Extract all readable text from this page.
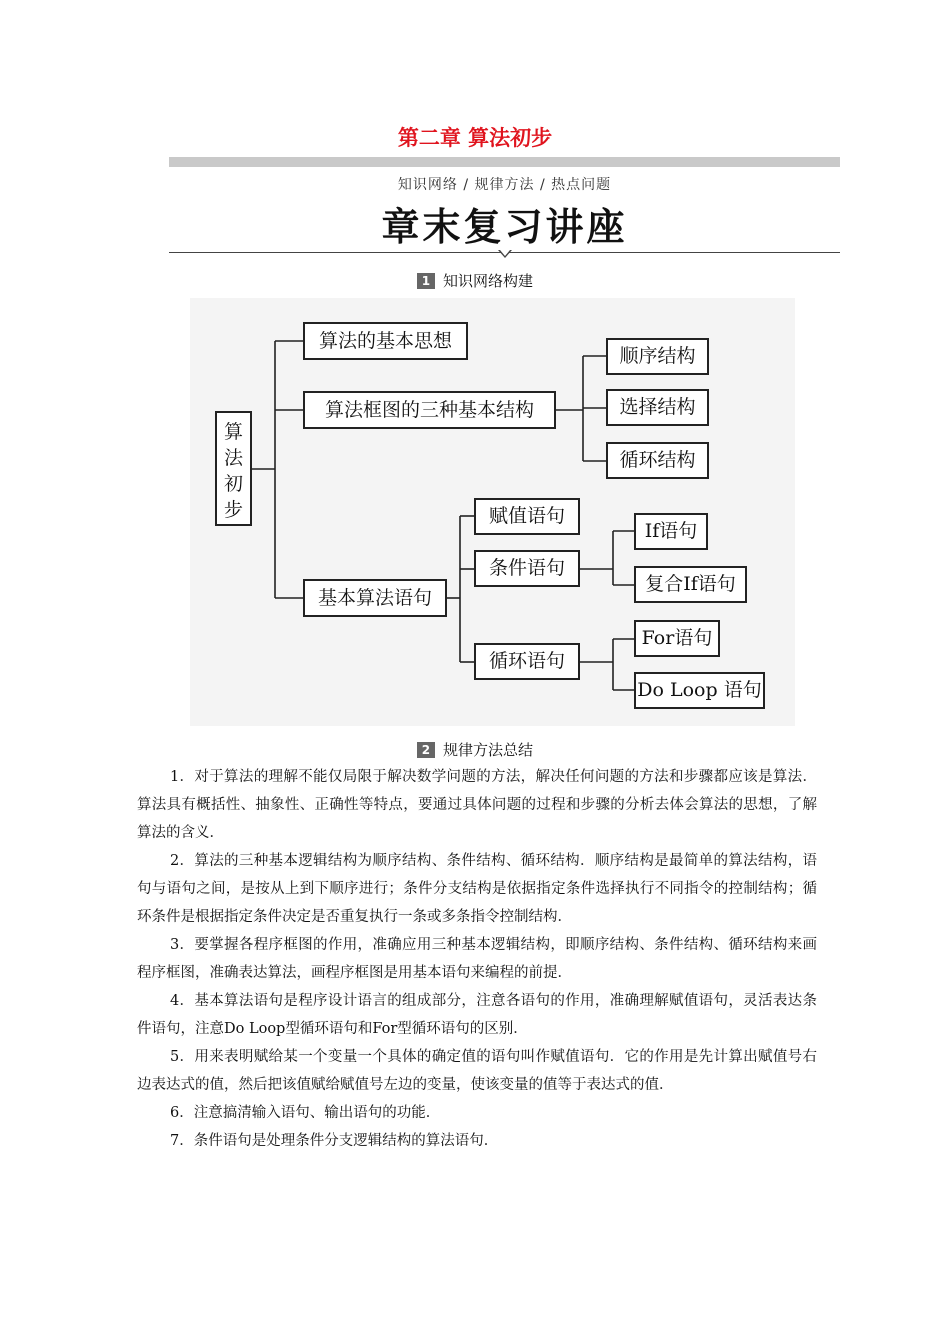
第二章 算法初步
知识网络 / 规律方法 / 热点问题
章末复习讲座
1 知识网络构建
算法初步
算法的基本思想
算法框图的三种基本结构
基本算法语句
顺序结构
选择结构
循环结构
赋值语句
条件语句
循环语句
If语句
复合If语句
For语句
Do Loop 语句
2 规律方法总结

1．对于算法的理解不能仅局限于解决数学问题的方法，解决任何问题的方法和步骤都应该是算法．算法具有概括性、抽象性、正确性等特点，要通过具体问题的过程和步骤的分析去体会算法的思想，了解算法的含义．

2．算法的三种基本逻辑结构为顺序结构、条件结构、循环结构．顺序结构是最简单的算法结构，语句与语句之间，是按从上到下顺序进行；条件分支结构是依据指定条件选择执行不同指令的控制结构；循环条件是根据指定条件决定是否重复执行一条或多条指令控制结构．

3．要掌握各程序框图的作用，准确应用三种基本逻辑结构，即顺序结构、条件结构、循环结构来画程序框图，准确表达算法，画程序框图是用基本语句来编程的前提．

4．基本算法语句是程序设计语言的组成部分，注意各语句的作用，准确理解赋值语句，灵活表达条件语句，注意Do Loop型循环语句和For型循环语句的区别．

5．用来表明赋给某一个变量一个具体的确定值的语句叫作赋值语句．它的作用是先计算出赋值号右边表达式的值，然后把该值赋给赋值号左边的变量，使该变量的值等于表达式的值．

6．注意搞清输入语句、输出语句的功能．

7．条件语句是处理条件分支逻辑结构的算法语句．
